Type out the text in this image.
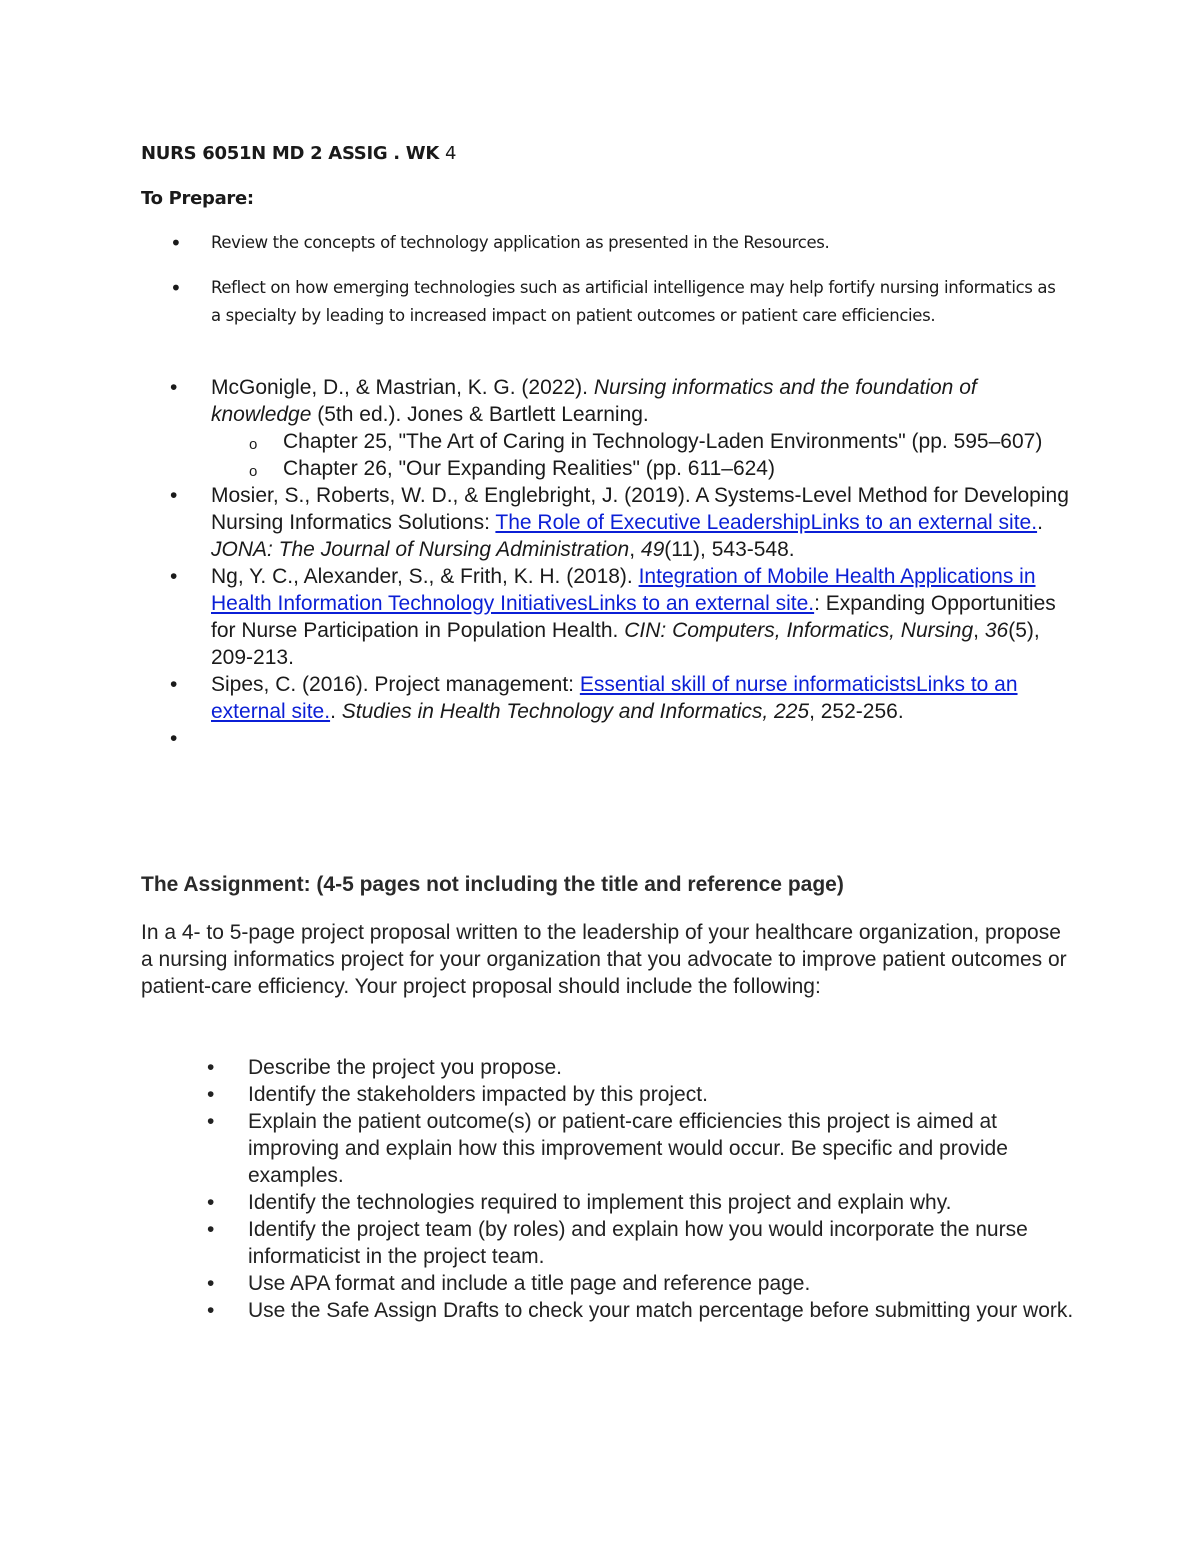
NURS 6051N MD 2 ASSIG . WK 4
To Prepare:
• Review the concepts of technology application as presented in the Resources.
• Reflect on how emerging technologies such as artificial intelligence may help fortify nursing informatics as a specialty by leading to increased impact on patient outcomes or patient care efficiencies.
• McGonigle, D., & Mastrian, K. G. (2022). Nursing informatics and the foundation of knowledge (5th ed.). Jones & Bartlett Learning.
o Chapter 25, "The Art of Caring in Technology-Laden Environments" (pp. 595–607)
o Chapter 26, "Our Expanding Realities" (pp. 611–624)
• Mosier, S., Roberts, W. D., & Englebright, J. (2019). A Systems-Level Method for Developing Nursing Informatics Solutions: The Role of Executive LeadershipLinks to an external site.. JONA: The Journal of Nursing Administration, 49(11), 543-548.
• Ng, Y. C., Alexander, S., & Frith, K. H. (2018). Integration of Mobile Health Applications in Health Information Technology InitiativesLinks to an external site.: Expanding Opportunities for Nurse Participation in Population Health. CIN: Computers, Informatics, Nursing, 36(5), 209-213.
• Sipes, C. (2016). Project management: Essential skill of nurse informaticistsLinks to an external site.. Studies in Health Technology and Informatics, 225, 252-256.
•

The Assignment: (4-5 pages not including the title and reference page)

In a 4- to 5-page project proposal written to the leadership of your healthcare organization, propose a nursing informatics project for your organization that you advocate to improve patient outcomes or patient-care efficiency. Your project proposal should include the following:

• Describe the project you propose.
• Identify the stakeholders impacted by this project.
• Explain the patient outcome(s) or patient-care efficiencies this project is aimed at improving and explain how this improvement would occur. Be specific and provide examples.
• Identify the technologies required to implement this project and explain why.
• Identify the project team (by roles) and explain how you would incorporate the nurse informaticist in the project team.
• Use APA format and include a title page and reference page.
• Use the Safe Assign Drafts to check your match percentage before submitting your work.
